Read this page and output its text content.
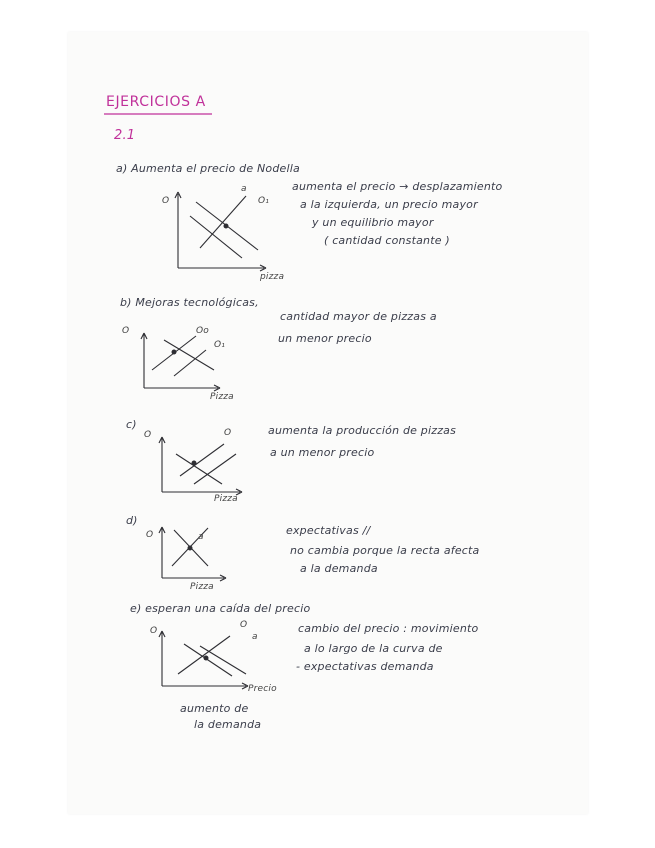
EJERCICIOS A
2.1
a) Aumenta el precio de Nodella
O
a
O₁
pizza
aumenta el precio → desplazamiento
a la izquierda, un precio mayor
y un equilibrio mayor
( cantidad constante )
b) Mejoras tecnológicas,
O	Oo
O₁
Pizza
cantidad mayor de pizzas a
un menor precio
c)
O	O
Pizza
aumenta la producción de pizzas
a un menor precio
d)
O	a
Pizza
expectativas //
no cambia porque la recta afecta
a la demanda
e) esperan una caída del precio
O
O
a
Precio
aumento de
la demanda
cambio del precio : movimiento
a lo largo de la curva de
- expectativas demanda
